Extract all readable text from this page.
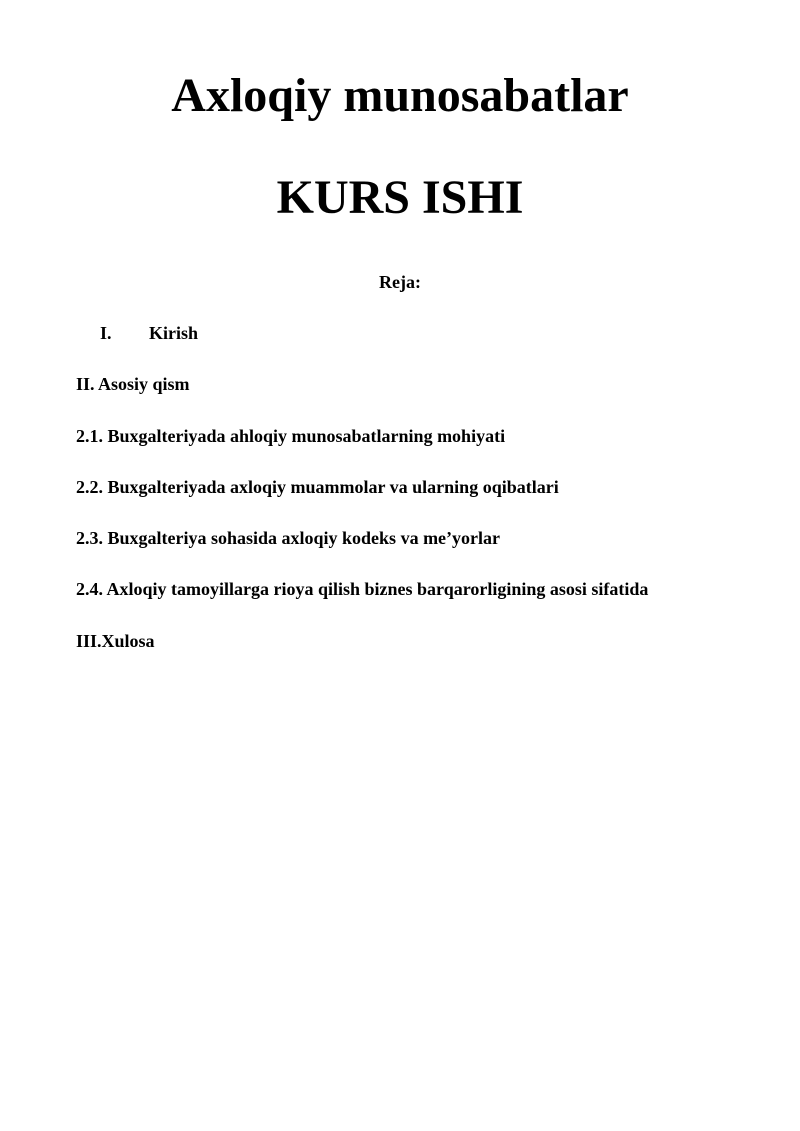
Axloqiy munosabatlar
KURS ISHI
Reja:
I. Kirish
II. Asosiy qism
2.1. Buxgalteriyada ahloqiy munosabatlarning mohiyati
2.2. Buxgalteriyada axloqiy muammolar va ularning oqibatlari
2.3. Buxgalteriya sohasida axloqiy kodeks va me’yorlar
2.4. Axloqiy tamoyillarga rioya qilish biznes barqarorligining asosi sifatida
III.Xulosa
